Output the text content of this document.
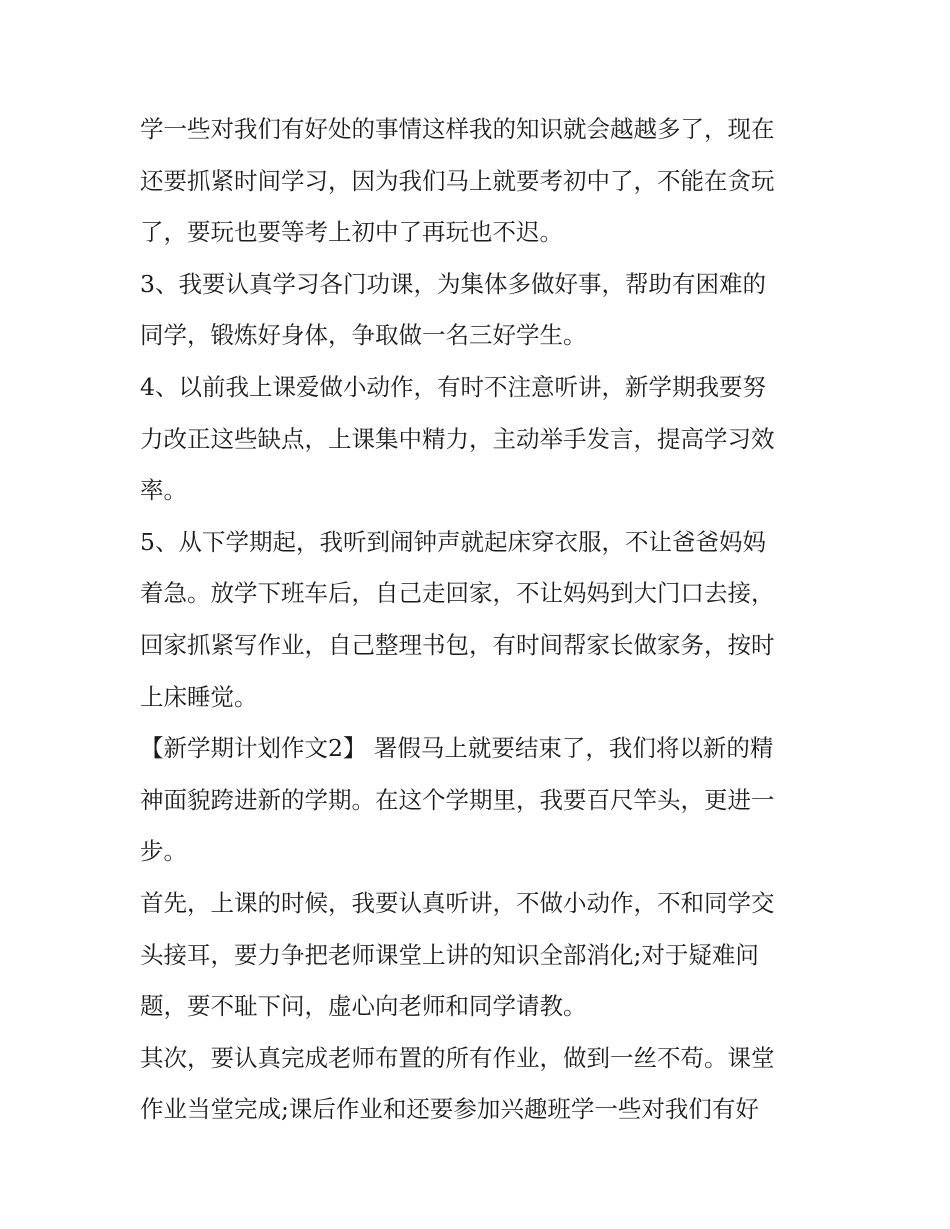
学一些对我们有好处的事情这样我的知识就会越越多了，现在
还要抓紧时间学习，因为我们马上就要考初中了，不能在贪玩
了，要玩也要等考上初中了再玩也不迟。
3、我要认真学习各门功课，为集体多做好事，帮助有困难的
同学，锻炼好身体，争取做一名三好学生。
4、以前我上课爱做小动作，有时不注意听讲，新学期我要努
力改正这些缺点，上课集中精力，主动举手发言，提高学习效
率。
5、从下学期起，我听到闹钟声就起床穿衣服，不让爸爸妈妈
着急。放学下班车后，自己走回家，不让妈妈到大门口去接，
回家抓紧写作业，自己整理书包，有时间帮家长做家务，按时
上床睡觉。
【新学期计划作文2】 署假马上就要结束了，我们将以新的精
神面貌跨进新的学期。在这个学期里，我要百尺竿头，更进一
步。
首先，上课的时候，我要认真听讲，不做小动作，不和同学交
头接耳，要力争把老师课堂上讲的知识全部消化;对于疑难问
题，要不耻下问，虚心向老师和同学请教。
其次，要认真完成老师布置的所有作业，做到一丝不苟。课堂
作业当堂完成;课后作业和还要参加兴趣班学一些对我们有好
